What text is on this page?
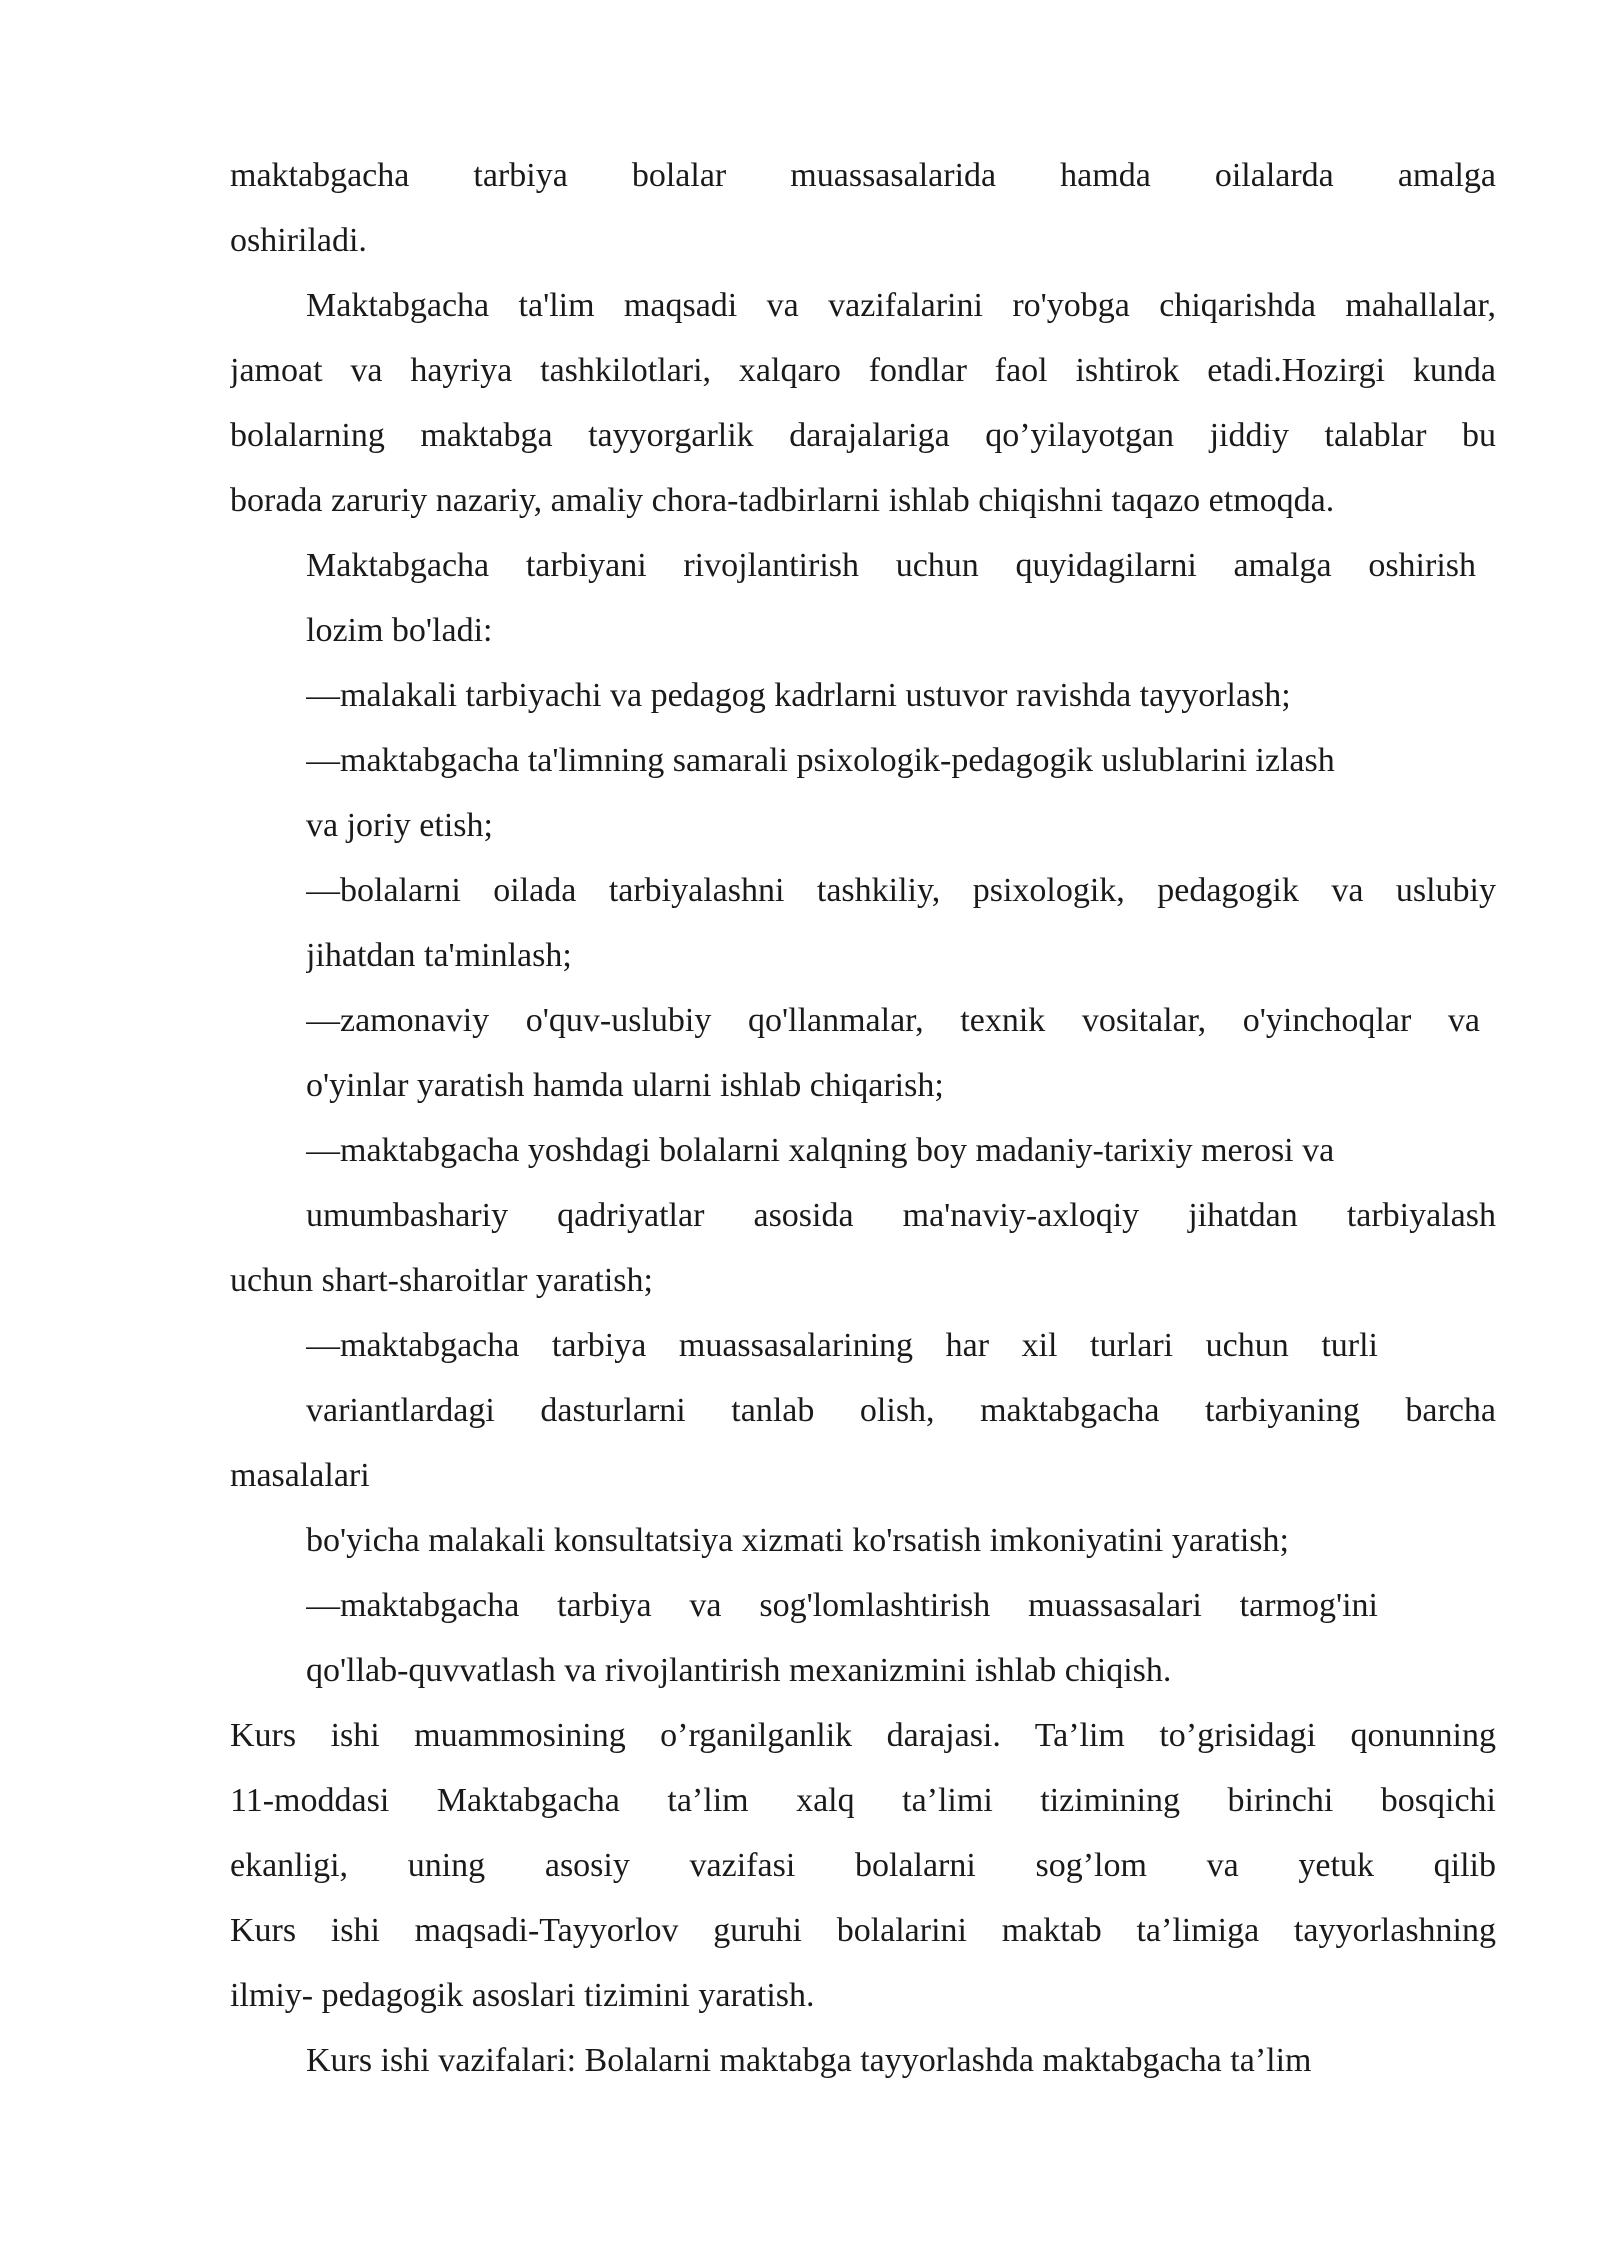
maktabgacha tarbiya bolalar muassasalarida hamda oilalarda amalga
oshiriladi.
Maktabgacha ta'lim maqsadi va vazifalarini ro'yobga chiqarishda mahallalar,
jamoat va hayriya tashkilotlari, xalqaro fondlar faol ishtirok etadi.Hozirgi kunda
bolalarning maktabga tayyorgarlik darajalariga qo’yilayotgan jiddiy talablar bu
borada zaruriy nazariy, amaliy chora-tadbirlarni ishlab chiqishni taqazo etmoqda.
Maktabgacha tarbiyani rivojlantirish uchun quyidagilarni amalga oshirish
lozim bo'ladi:
—malakali tarbiyachi va pedagog kadrlarni ustuvor ravishda tayyorlash;
—maktabgacha ta'limning samarali psixologik-pedagogik uslublarini izlash
va joriy etish;
—bolalarni oilada tarbiyalashni tashkiliy, psixologik, pedagogik va uslubiy
jihatdan ta'minlash;
—zamonaviy o'quv-uslubiy qo'llanmalar, texnik vositalar, o'yinchoqlar va
o'yinlar yaratish hamda ularni ishlab chiqarish;
—maktabgacha yoshdagi bolalarni xalqning boy madaniy-tarixiy merosi va
umumbashariy qadriyatlar asosida ma'naviy-axloqiy jihatdan tarbiyalash
uchun shart-sharoitlar yaratish;
—maktabgacha tarbiya muassasalarining har xil turlari uchun turli
variantlardagi dasturlarni tanlab olish, maktabgacha tarbiyaning barcha
masalalari
bo'yicha malakali konsultatsiya xizmati ko'rsatish imkoniyatini yaratish;
—maktabgacha tarbiya va sog'lomlashtirish muassasalari tarmog'ini
qo'llab-quvvatlash va rivojlantirish mexanizmini ishlab chiqish.
Kurs ishi muammosining o’rganilganlik darajasi. Ta’lim to’grisidagi qonunning
11-moddasi Maktabgacha ta’lim xalq ta’limi tizimining birinchi bosqichi
ekanligi, uning asosiy vazifasi bolalarni sog’lom va yetuk qilib
Kurs ishi maqsadi-Tayyorlov guruhi bolalarini maktab ta’limiga tayyorlashning
ilmiy- pedagogik asoslari tizimini yaratish.
Kurs ishi vazifalari: Bolalarni maktabga tayyorlashda maktabgacha ta’lim
